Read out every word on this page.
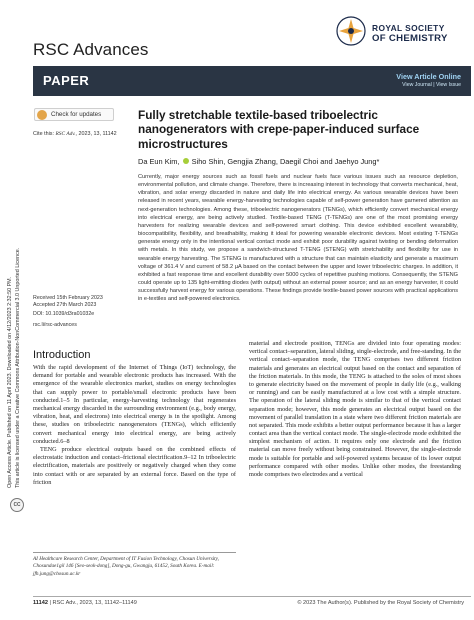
RSC Advances
ROYAL SOCIETY
OF CHEMISTRY
PAPER	View Article Online
View Journal | View Issue
Open Access Article. Published on 11 April 2023. Downloaded on 4/12/2023 2:32:50 PM. This article is licensed under a Creative Commons Attribution-NonCommercial 3.0 Unported Licence.
cc
Check for updates
Cite this: RSC Adv., 2023, 13, 11142
Fully stretchable textile-based triboelectric nanogenerators with crepe-paper-induced surface microstructures
Da Eun Kim, Siho Shin, Gengjia Zhang, Daegil Choi and Jaehyo Jung*
Currently, major energy sources such as fossil fuels and nuclear fuels face various issues such as resource depletion, environmental pollution, and climate change. Therefore, there is increasing interest in technology that converts mechanical, heat, vibration, and solar energy discarded in nature and daily life into electrical energy. As various wearable devices have been released in recent years, wearable energy-harvesting technologies capable of self-power generation have garnered attention as next-generation technologies. Among these, triboelectric nanogenerators (TENGs), which efficiently convert mechanical energy into electrical energy, are being actively studied. Textile-based TENG (T-TENGs) are one of the most promising energy harvesters for realizing wearable devices and self-powered smart clothing. This device exhibited excellent wearability, biocompatibility, flexibility, and breathability, making it ideal for powering wearable electronic devices. Most existing T-TENGs generate energy only in the intentional vertical contact mode and exhibit poor durability against twisting or bending deformation with metals. In this study, we propose a sandwich-structured T-TENG (STENG) with stretchability and flexibility for use in wearable energy harvesting. The STENG is manufactured with a structure that can maintain elasticity and generate a maximum voltage of 361.4 V and current of 58.2 µA based on the contact between the upper and lower triboelectric charges. In addition, it exhibited a fast response time and excellent durability over 5000 cycles of repetitive pushing motions. Consequently, the STENG could operate up to 135 light-emitting diodes (with output) without an external power source; and as an energy harvester, it could successfully harvest energy for various operations. These findings provide textile-based power sources with practical applications in e-textiles and self-powered electronics.
Received 15th February 2023
Accepted 27th March 2023
DOI: 10.1039/d3ra01032e
rsc.li/rsc-advances
Introduction

With the rapid development of the Internet of Things (IoT) technology, the demand for portable and wearable electronic products has increased. With the emergence of the wearable electronics market, studies on energy technologies that can supply power to portable/small electronic products have been conducted.1–5 In particular, energy-harvesting technology that regenerates mechanical energy discarded in the surrounding environment (e.g., body energy, vibration, heat, and electrons) into electrical energy is in the spotlight. Among these, studies on triboelectric nanogenerators (TENGs), which efficiently convert mechanical energy into electrical energy, are being actively conducted.6–8

TENG produce electrical outputs based on the combined effects of electrostatic induction and contact–frictional electrification.9–12 In triboelectric electrification, materials are positively or negatively charged when they come into contact with or are separated by an external force. Based on the type of friction

material and electrode position, TENGs are divided into four operating modes: vertical contact–separation, lateral sliding, single-electrode, and free-standing. In the vertical contact–separation mode, the TENG comprises two different friction materials and generates an electrical output based on the contact and separation of the friction materials. In this mode, the TENG is attached to the soles of most shoes to generate electricity based on the movement of people in daily life (e.g., walking or running) and can be easily manufactured at a low cost with a simple structure. The operation of the lateral sliding mode is similar to that of the vertical contact separation mode; however, this mode generates an electrical output based on the movement of parallel translation in a state where two different friction materials are not separated. This mode exhibits a better output performance because it has a larger contact area than the vertical contact mode. The single-electrode mode exhibited the simplest mechanism of action. It requires only one electrode and the friction material can move freely without being constrained. However, the single-electrode mode is suitable for portable and self-powered systems because of its lower output performance compared with other modes. Unlike other modes, the freestanding mode comprises two electrodes and a vertical

AI Healthcare Research Center, Department of IT Fusion Technology, Chosun University, Chosundae1gil 146 [Seo-seok-dong], Dong-gu, Gwangju, 61452, South Korea. E-mail: jfh.jung@chosun.ac.kr
11142 | RSC Adv., 2023, 13, 11142–11149	© 2023 The Author(s). Published by the Royal Society of Chemistry
